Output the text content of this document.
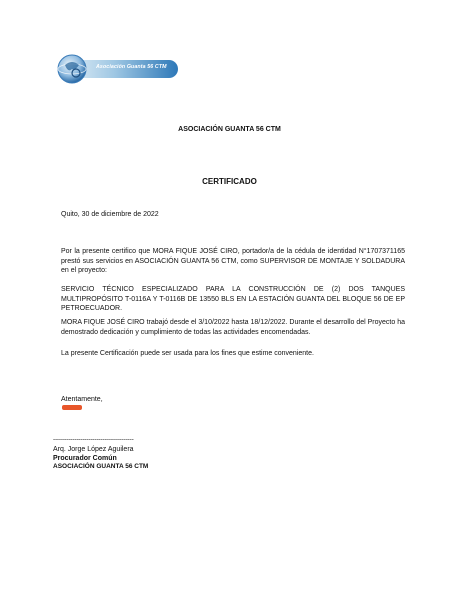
Asociación Guanta 56 CTM
ASOCIACIÓN GUANTA 56 CTM
CERTIFICADO
Quito, 30 de diciembre de 2022
Por la presente certifico que MORA FIQUE JOSÉ CIRO, portador/a de la cédula de identidad N°1707371165 prestó sus servicios en ASOCIACIÓN GUANTA 56 CTM, como SUPERVISOR DE MONTAJE Y SOLDADURA en el proyecto:
SERVICIO TÉCNICO ESPECIALIZADO PARA LA CONSTRUCCIÓN DE (2) DOS TANQUES MULTIPROPÓSITO T-0116A Y T-0116B DE 13550 BLS EN LA ESTACIÓN GUANTA DEL BLOQUE 56 DE EP PETROECUADOR.
MORA FIQUE JOSÉ CIRO trabajó desde el 3/10/2022 hasta 18/12/2022. Durante el desarrollo del Proyecto ha demostrado dedicación y cumplimiento de todas las actividades encomendadas.
La presente Certificación puede ser usada para los fines que estime conveniente.
Atentamente,
-----------------------------------------
Arq. Jorge López Aguilera
Procurador Común
ASOCIACIÓN GUANTA 56 CTM
